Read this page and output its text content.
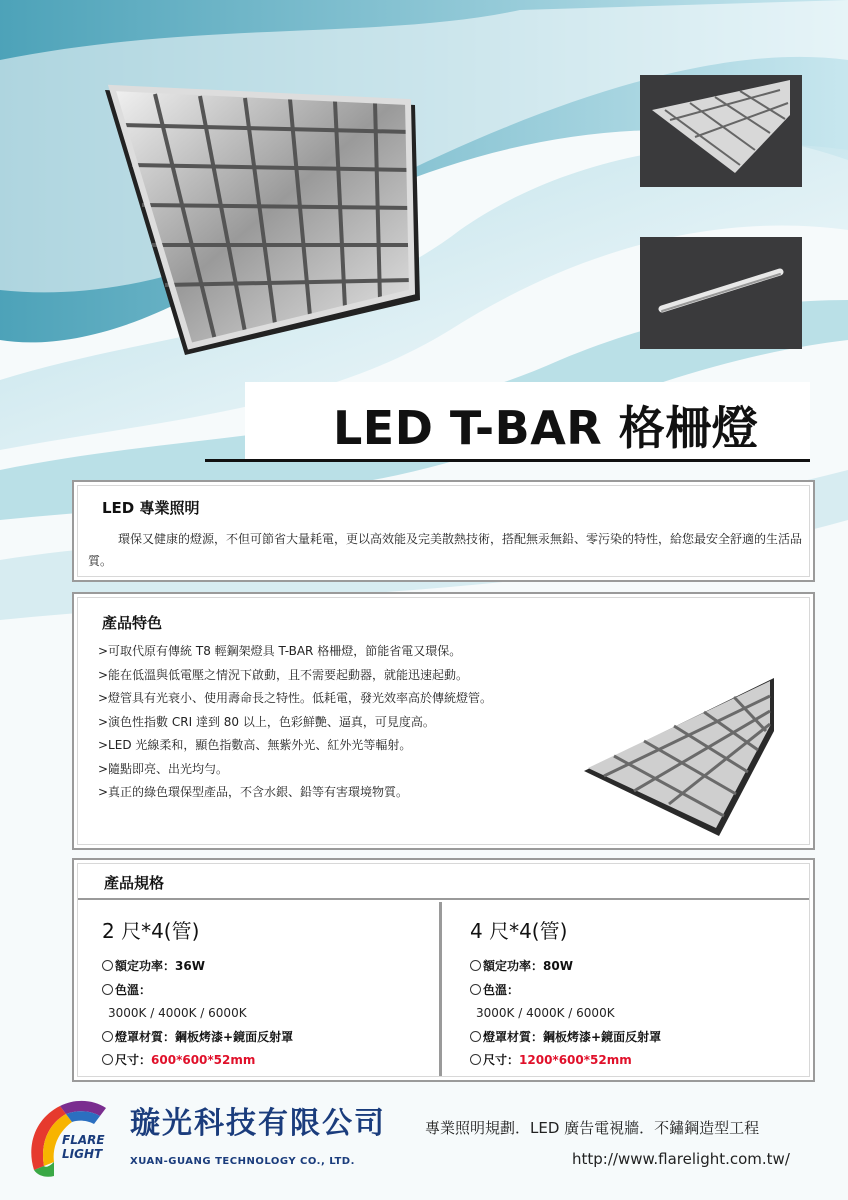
LED T-BAR 格柵燈
LED 專業照明

環保又健康的燈源，不但可節省大量耗電，更以高效能及完美散熱技術，搭配無汞無鉛、零污染的特性，給您最安全舒適的生活品質。

產品特色
>可取代原有傳統 T8 輕鋼架燈具 T-BAR 格柵燈，節能省電又環保。
>能在低溫與低電壓之情況下啟動，且不需要起動器，就能迅速起動。
>燈管具有光衰小、使用壽命長之特性。低耗電，發光效率高於傳統燈管。
>演色性指數 CRI 達到 80 以上，色彩鮮艷、逼真，可見度高。
>LED 光線柔和，顯色指數高、無紫外光、紅外光等輻射。
>隨點即亮、出光均勻。
>真正的綠色環保型產品，不含水銀、鉛等有害環境物質。
產品規格
2 尺*4(管)
額定功率：36W
色溫：
3000K / 4000K / 6000K
燈罩材質：鋼板烤漆+鏡面反射罩
尺寸：600*600*52mm
4 尺*4(管)
額定功率：80W
色溫：
3000K / 4000K / 6000K
燈罩材質：鋼板烤漆+鏡面反射罩
尺寸：1200*600*52mm
FLARE
LIGHT
璇光科技有限公司
XUAN-GUANG TECHNOLOGY CO., LTD.
專業照明規劃．LED 廣告電視牆．不鏽鋼造型工程
http://www.flarelight.com.tw/
